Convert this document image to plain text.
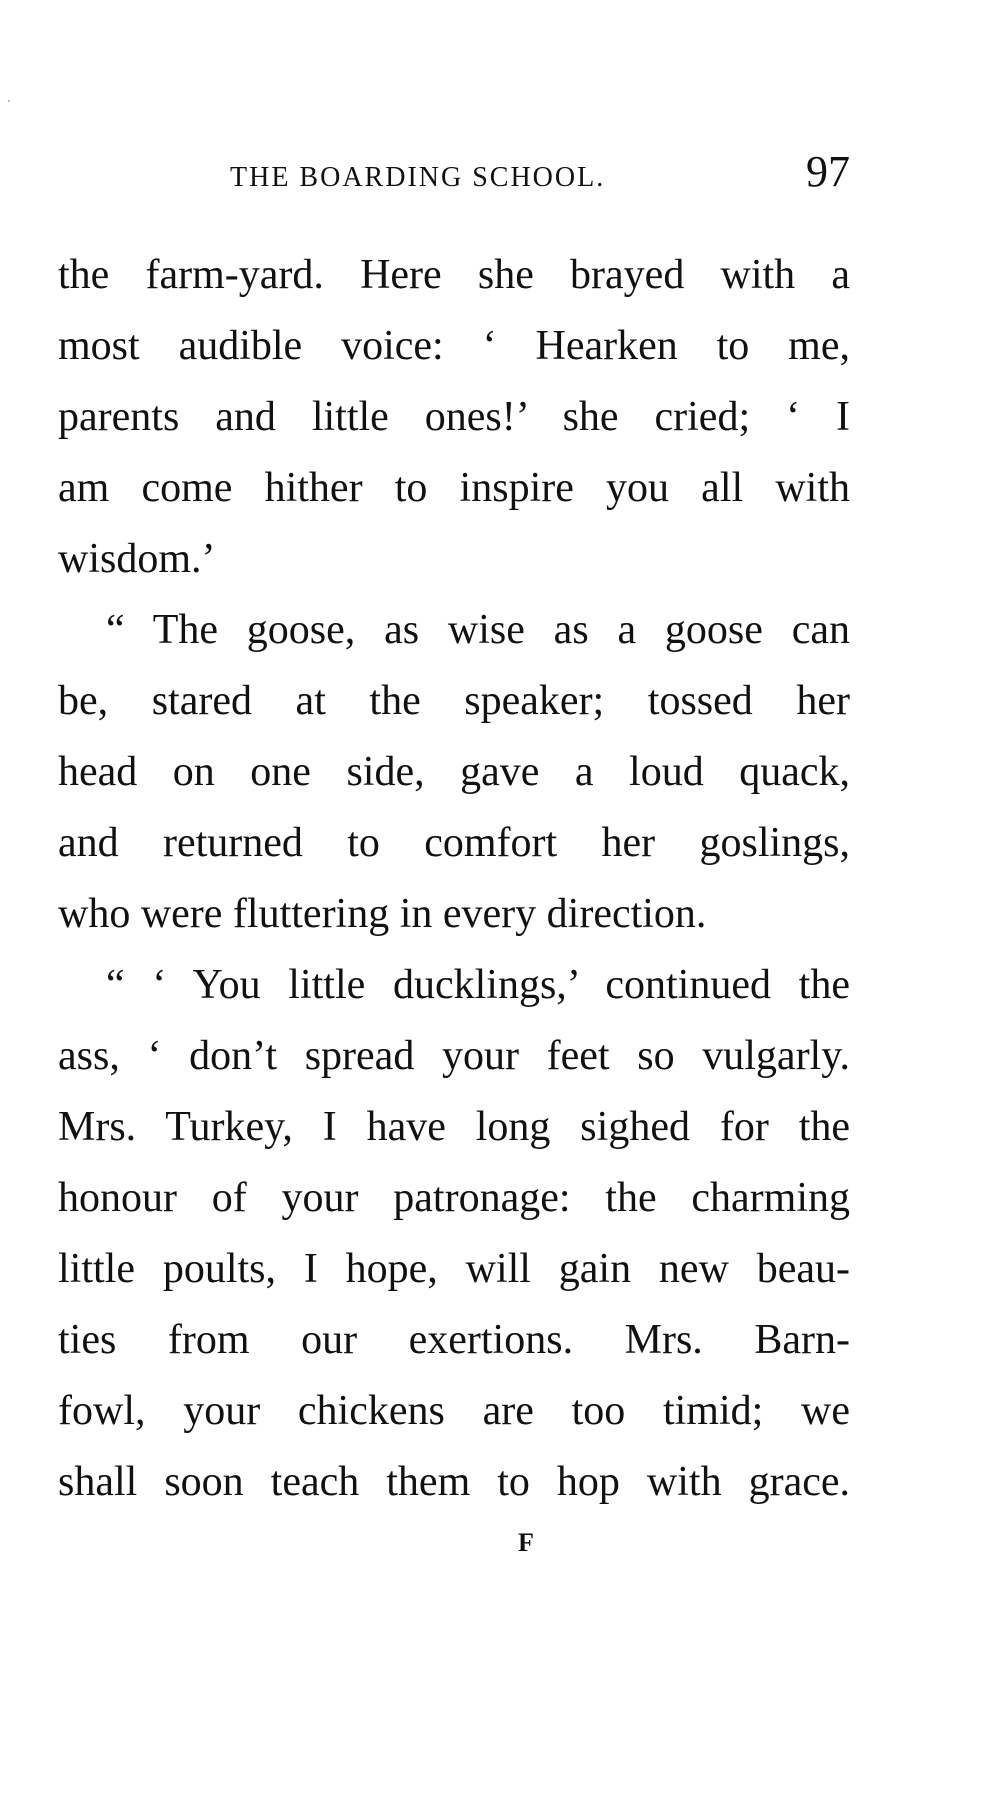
THE BOARDING SCHOOL.	97
the farm-yard. Here she brayed with a
most audible voice: ‘ Hearken to me,
parents and little ones!’ she cried; ‘ I
am come hither to inspire you all with
wisdom.’
“ The goose, as wise as a goose can
be, stared at the speaker; tossed her
head on one side, gave a loud quack,
and returned to comfort her goslings,
who were fluttering in every direction.
“ ‘ You little ducklings,’ continued the
ass, ‘ don’t spread your feet so vulgarly.
Mrs. Turkey, I have long sighed for the
honour of your patronage: the charming
little poults, I hope, will gain new beau-
ties from our exertions. Mrs. Barn-
fowl, your chickens are too timid; we
shall soon teach them to hop with grace.
F
